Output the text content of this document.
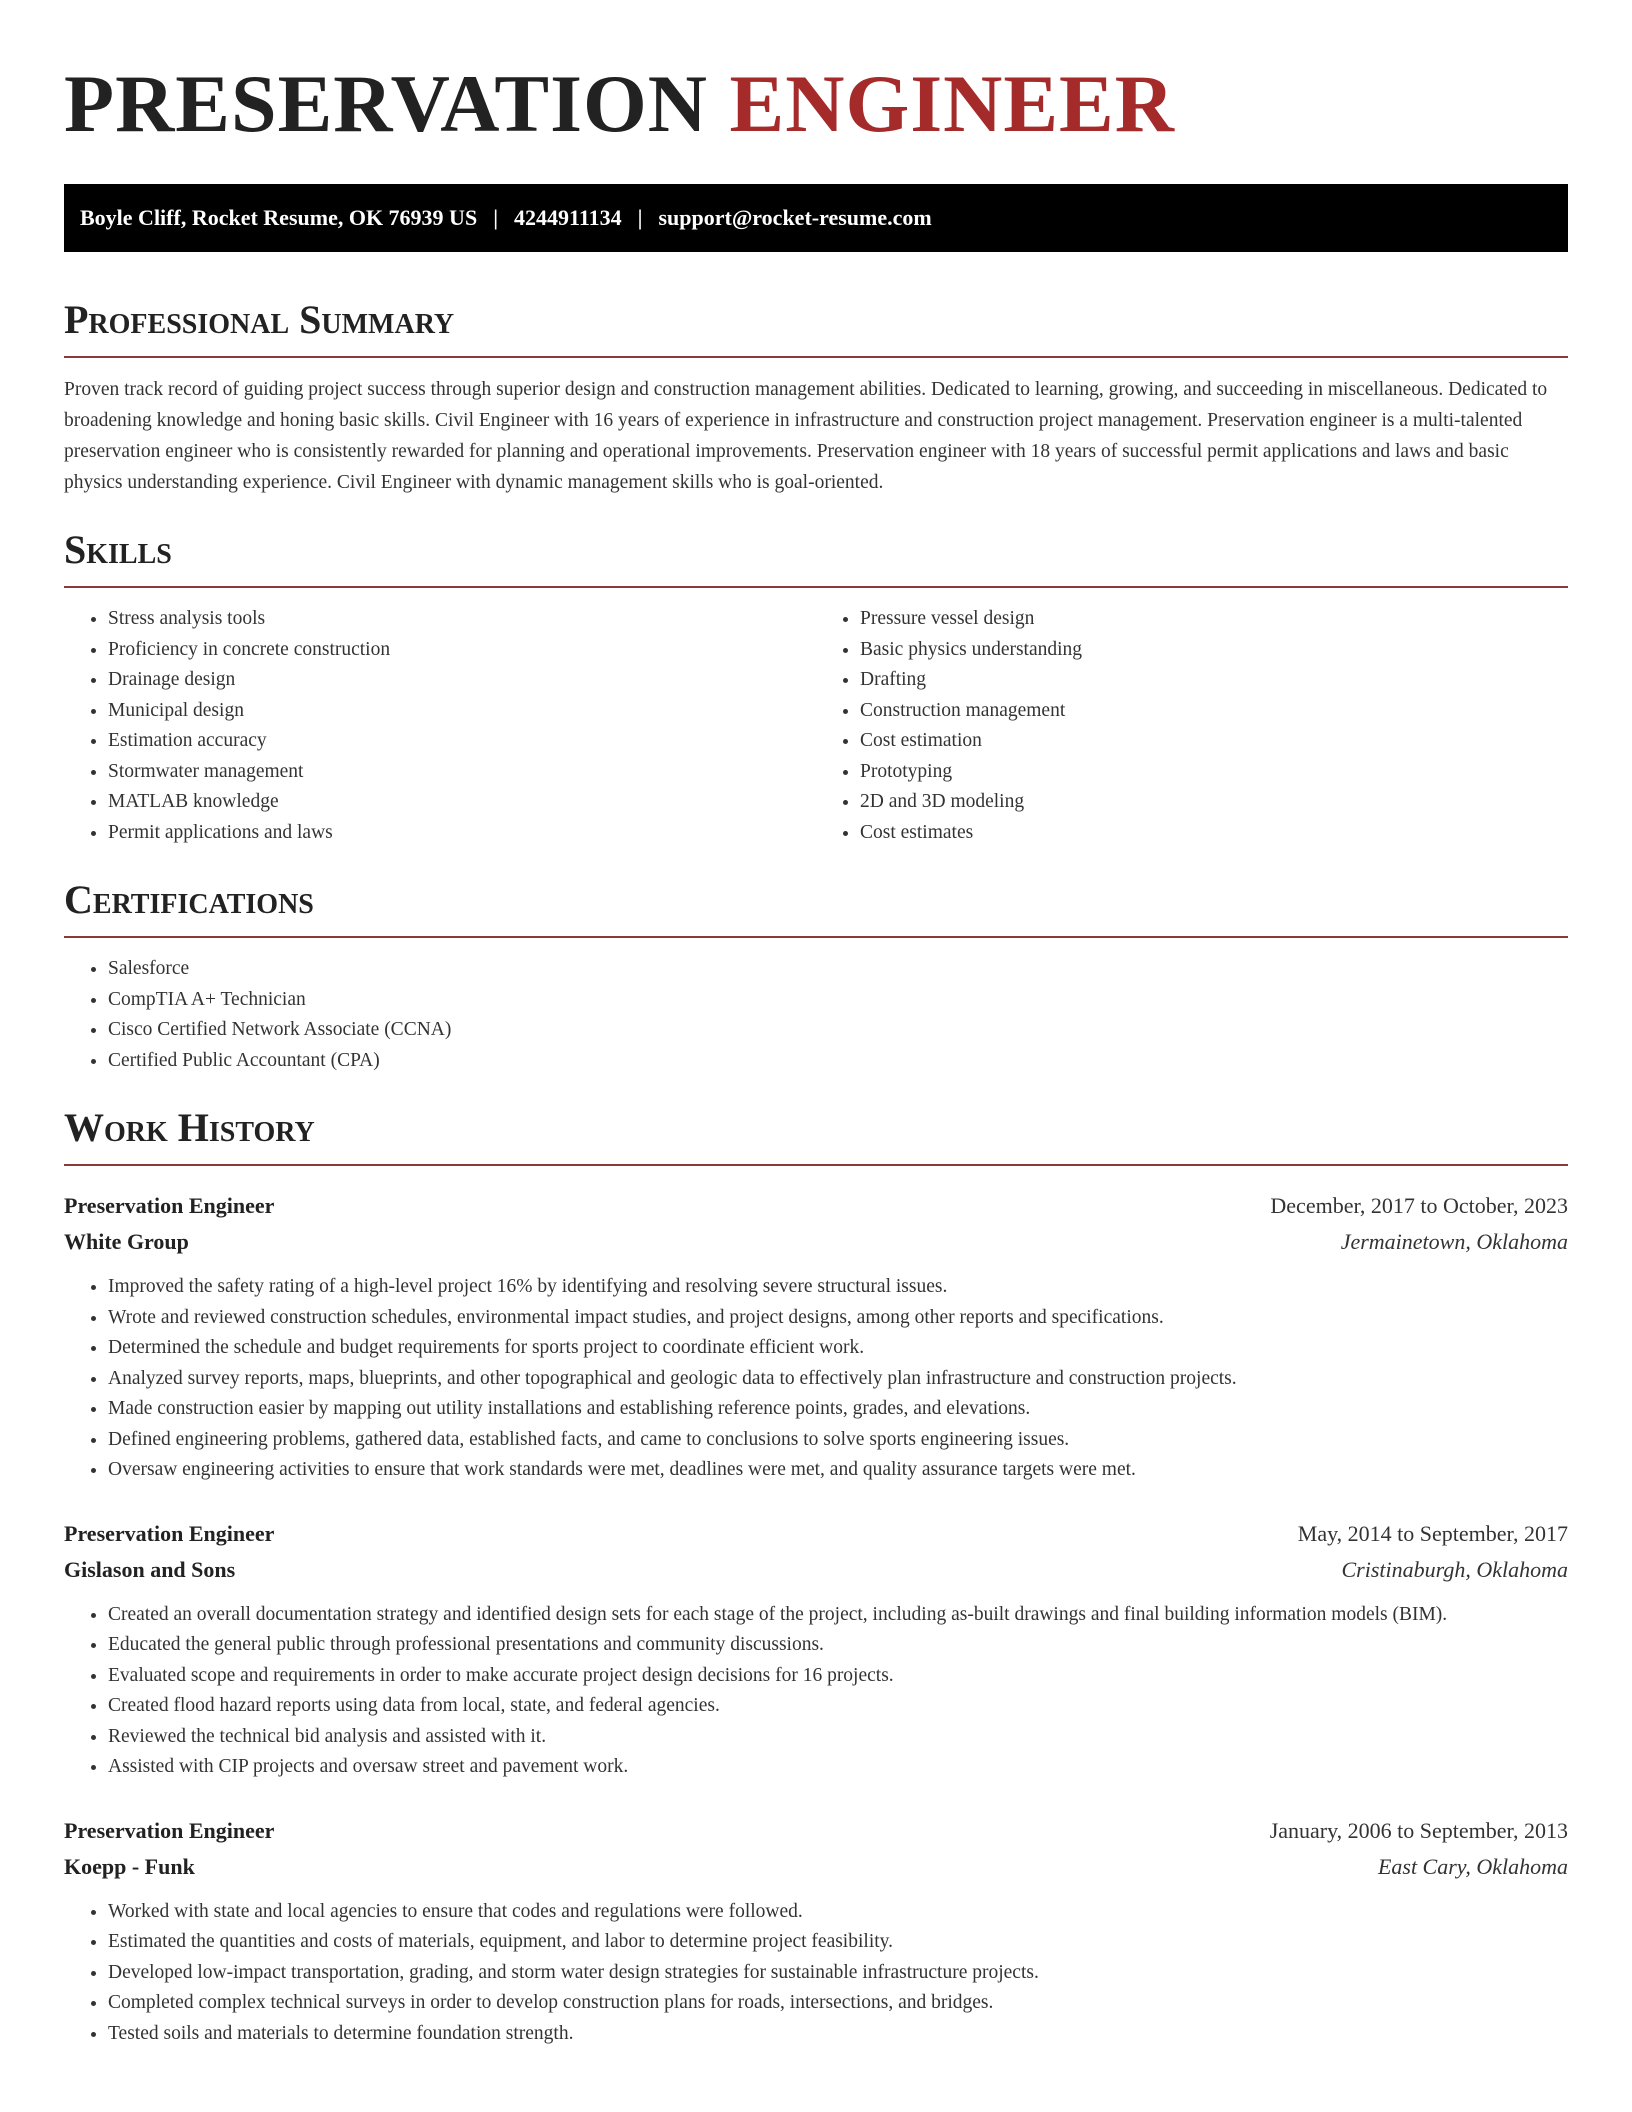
PRESERVATION ENGINEER
Boyle Cliff, Rocket Resume, OK 76939 US | 4244911134 | support@rocket-resume.com
Professional Summary

Proven track record of guiding project success through superior design and construction management abilities. Dedicated to learning, growing, and succeeding in miscellaneous. Dedicated to broadening knowledge and honing basic skills. Civil Engineer with 16 years of experience in infrastructure and construction project management. Preservation engineer is a multi-talented preservation engineer who is consistently rewarded for planning and operational improvements. Preservation engineer with 18 years of successful permit applications and laws and basic physics understanding experience. Civil Engineer with dynamic management skills who is goal-oriented.

Skills
• Stress analysis tools
• Proficiency in concrete construction
• Drainage design
• Municipal design
• Estimation accuracy
• Stormwater management
• MATLAB knowledge
• Permit applications and laws
• Pressure vessel design
• Basic physics understanding
• Drafting
• Construction management
• Cost estimation
• Prototyping
• 2D and 3D modeling
• Cost estimates
Certifications
• Salesforce
• CompTIA A+ Technician
• Cisco Certified Network Associate (CCNA)
• Certified Public Accountant (CPA)
Work History
Preservation Engineer	December, 2017 to October, 2023
White Group	Jermainetown, Oklahoma
• Improved the safety rating of a high-level project 16% by identifying and resolving severe structural issues.
• Wrote and reviewed construction schedules, environmental impact studies, and project designs, among other reports and specifications.
• Determined the schedule and budget requirements for sports project to coordinate efficient work.
• Analyzed survey reports, maps, blueprints, and other topographical and geologic data to effectively plan infrastructure and construction projects.
• Made construction easier by mapping out utility installations and establishing reference points, grades, and elevations.
• Defined engineering problems, gathered data, established facts, and came to conclusions to solve sports engineering issues.
• Oversaw engineering activities to ensure that work standards were met, deadlines were met, and quality assurance targets were met.
Preservation Engineer	May, 2014 to September, 2017
Gislason and Sons	Cristinaburgh, Oklahoma
• Created an overall documentation strategy and identified design sets for each stage of the project, including as-built drawings and final building information models (BIM).
• Educated the general public through professional presentations and community discussions.
• Evaluated scope and requirements in order to make accurate project design decisions for 16 projects.
• Created flood hazard reports using data from local, state, and federal agencies.
• Reviewed the technical bid analysis and assisted with it.
• Assisted with CIP projects and oversaw street and pavement work.
Preservation Engineer	January, 2006 to September, 2013
Koepp - Funk	East Cary, Oklahoma
• Worked with state and local agencies to ensure that codes and regulations were followed.
• Estimated the quantities and costs of materials, equipment, and labor to determine project feasibility.
• Developed low-impact transportation, grading, and storm water design strategies for sustainable infrastructure projects.
• Completed complex technical surveys in order to develop construction plans for roads, intersections, and bridges.
• Tested soils and materials to determine foundation strength.
